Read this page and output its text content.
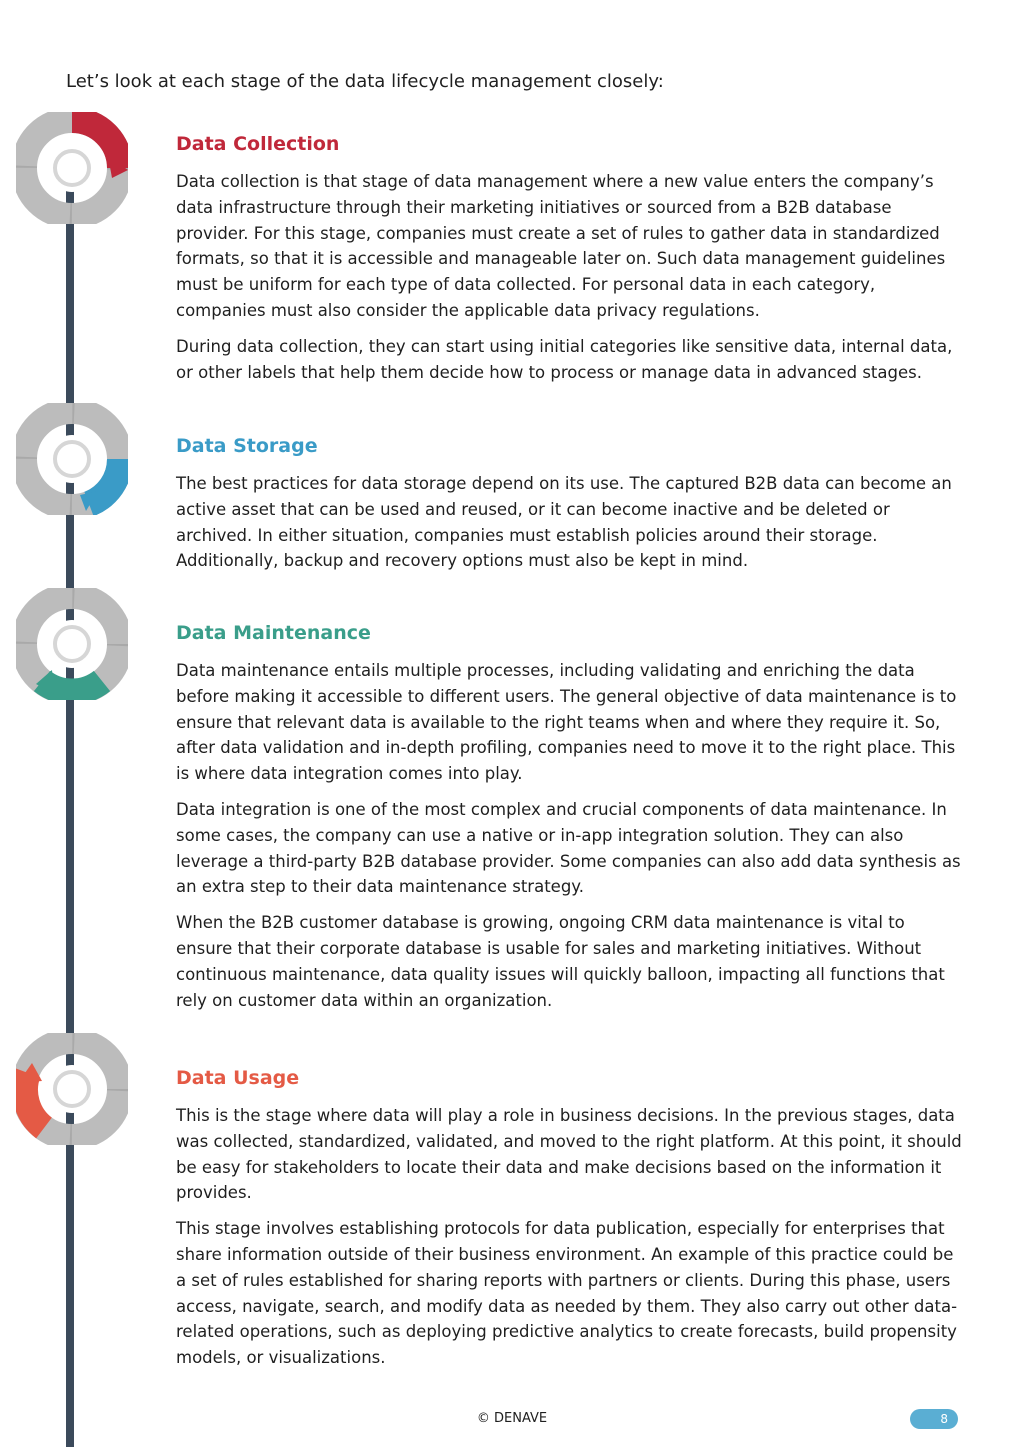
Let’s look at each stage of the data lifecycle management closely:

Data Collection

Data collection is that stage of data management where a new value enters the company’s data infrastructure through their marketing initiatives or sourced from a B2B database provider. For this stage, companies must create a set of rules to gather data in standardized formats, so that it is accessible and manageable later on. Such data management guidelines must be uniform for each type of data collected. For personal data in each category, companies must also consider the applicable data privacy regulations.

During data collection, they can start using initial categories like sensitive data, internal data, or other labels that help them decide how to process or manage data in advanced stages.

Data Storage

The best practices for data storage depend on its use. The captured B2B data can become an active asset that can be used and reused, or it can become inactive and be deleted or archived. In either situation, companies must establish policies around their storage. Additionally, backup and recovery options must also be kept in mind.

Data Maintenance

Data maintenance entails multiple processes, including validating and enriching the data before making it accessible to different users. The general objective of data maintenance is to ensure that relevant data is available to the right teams when and where they require it. So, after data validation and in-depth profiling, companies need to move it to the right place. This is where data integration comes into play.

Data integration is one of the most complex and crucial components of data maintenance. In some cases, the company can use a native or in-app integration solution. They can also leverage a third-party B2B database provider. Some companies can also add data synthesis as an extra step to their data maintenance strategy.

When the B2B customer database is growing, ongoing CRM data maintenance is vital to ensure that their corporate database is usable for sales and marketing initiatives. Without continuous maintenance, data quality issues will quickly balloon, impacting all functions that rely on customer data within an organization.

Data Usage

This is the stage where data will play a role in business decisions. In the previous stages, data was collected, standardized, validated, and moved to the right platform. At this point, it should be easy for stakeholders to locate their data and make decisions based on the information it provides.

This stage involves establishing protocols for data publication, especially for enterprises that share information outside of their business environment. An example of this practice could be a set of rules established for sharing reports with partners or clients. During this phase, users access, navigate, search, and modify data as needed by them. They also carry out other data-related operations, such as deploying predictive analytics to create forecasts, build propensity models, or visualizations.

© DENAVE	8
